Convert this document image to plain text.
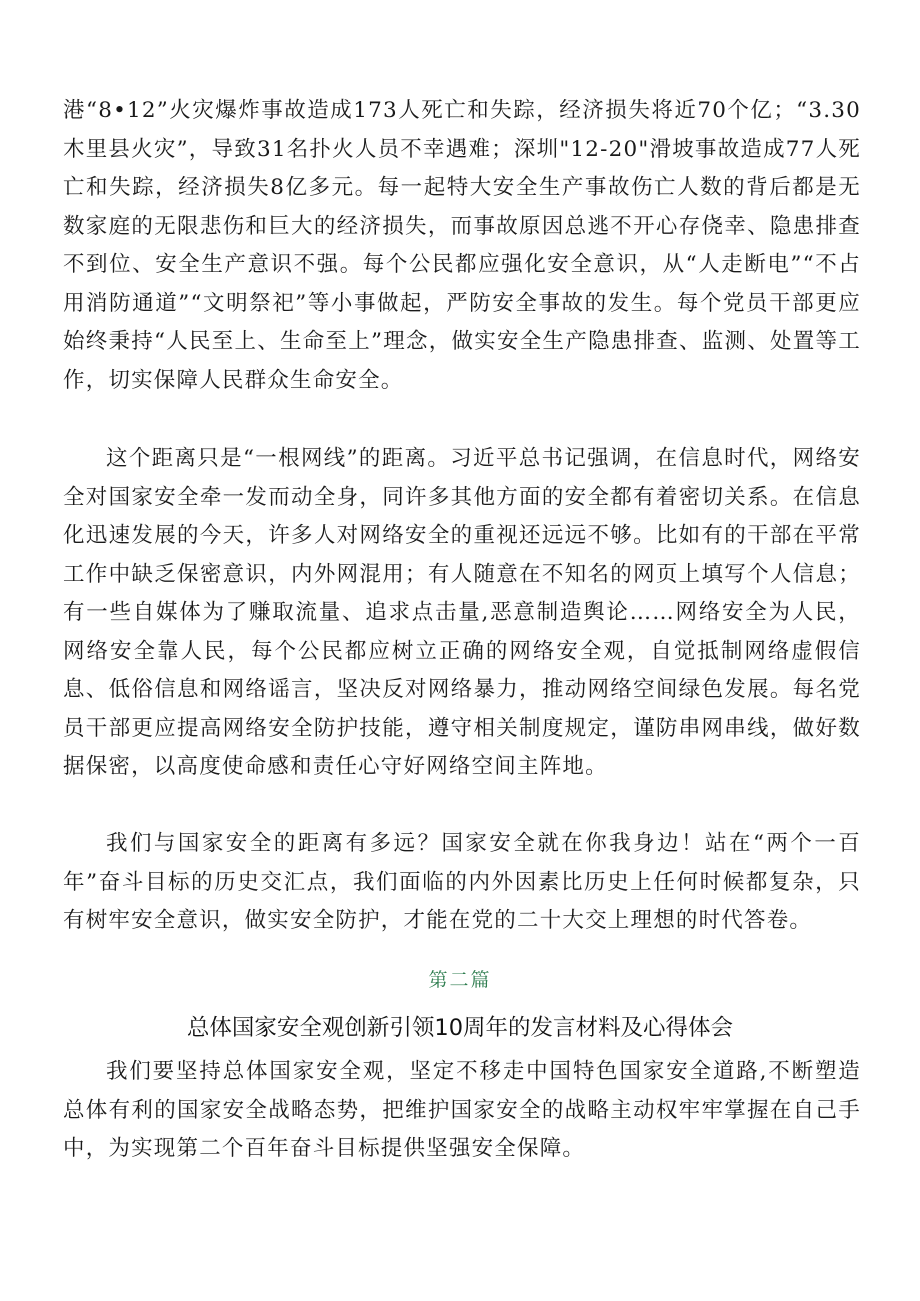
港“8•12”火灾爆炸事故造成173人死亡和失踪，经济损失将近70个亿；“3.30木里县火灾”，导致31名扑火人员不幸遇难；深圳"12-20"滑坡事故造成77人死亡和失踪，经济损失8亿多元。每一起特大安全生产事故伤亡人数的背后都是无数家庭的无限悲伤和巨大的经济损失，而事故原因总逃不开心存侥幸、隐患排查不到位、安全生产意识不强。每个公民都应强化安全意识，从“人走断电”“不占用消防通道”“文明祭祀”等小事做起，严防安全事故的发生。每个党员干部更应始终秉持“人民至上、生命至上”理念，做实安全生产隐患排查、监测、处置等工作，切实保障人民群众生命安全。

这个距离只是“一根网线”的距离。习近平总书记强调，在信息时代，网络安全对国家安全牵一发而动全身，同许多其他方面的安全都有着密切关系。在信息化迅速发展的今天，许多人对网络安全的重视还远远不够。比如有的干部在平常工作中缺乏保密意识，内外网混用；有人随意在不知名的网页上填写个人信息；有一些自媒体为了赚取流量、追求点击量,恶意制造舆论……网络安全为人民，网络安全靠人民，每个公民都应树立正确的网络安全观，自觉抵制网络虚假信息、低俗信息和网络谣言，坚决反对网络暴力，推动网络空间绿色发展。每名党员干部更应提高网络安全防护技能，遵守相关制度规定，谨防串网串线，做好数据保密，以高度使命感和责任心守好网络空间主阵地。

我们与国家安全的距离有多远？国家安全就在你我身边！站在“两个一百年”奋斗目标的历史交汇点，我们面临的内外因素比历史上任何时候都复杂，只有树牢安全意识，做实安全防护，才能在党的二十大交上理想的时代答卷。

第二篇
总体国家安全观创新引领10周年的发言材料及心得体会

我们要坚持总体国家安全观，坚定不移走中国特色国家安全道路,不断塑造总体有利的国家安全战略态势，把维护国家安全的战略主动权牢牢掌握在自己手中，为实现第二个百年奋斗目标提供坚强安全保障。
